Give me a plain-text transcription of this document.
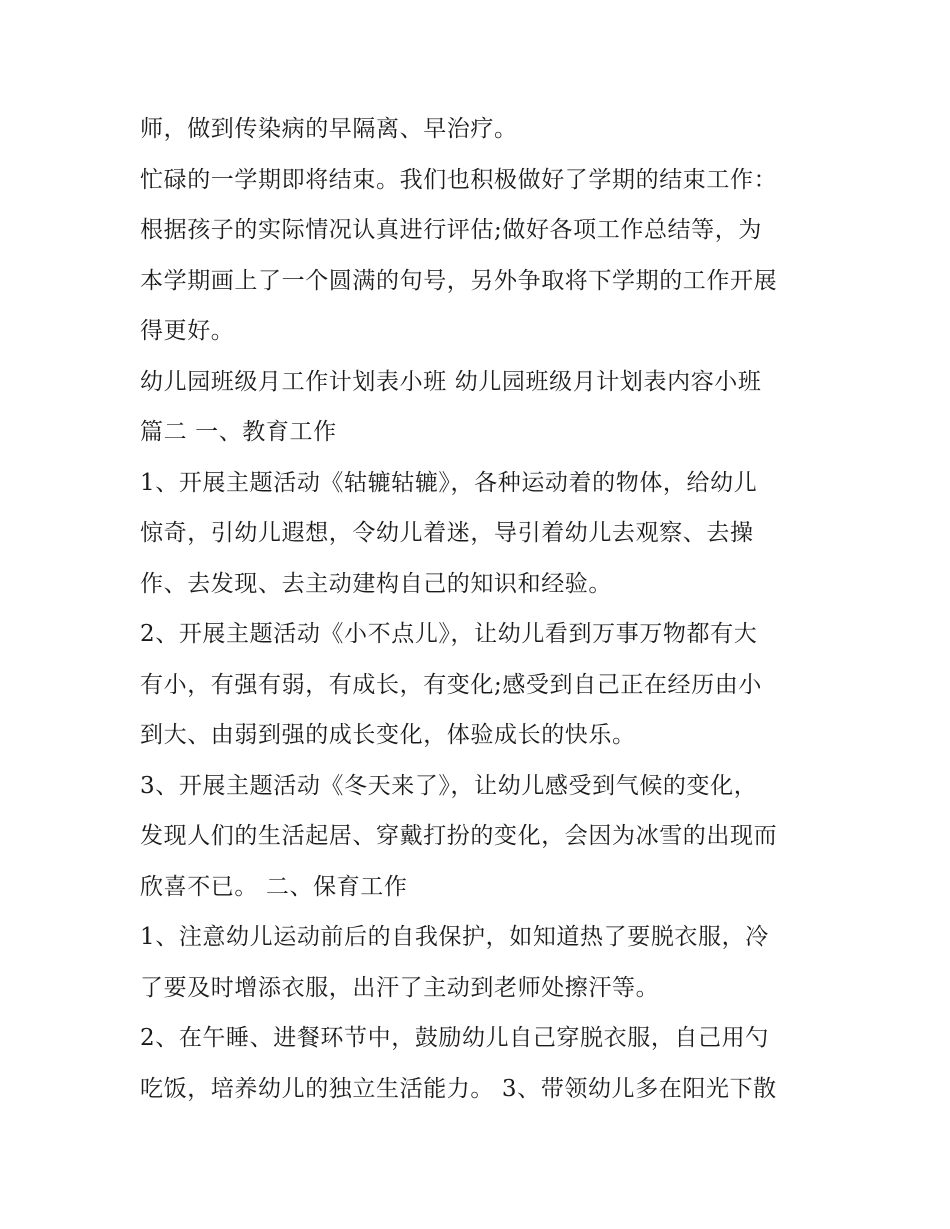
师，做到传染病的早隔离、早治疗。
忙碌的一学期即将结束。我们也积极做好了学期的结束工作：
根据孩子的实际情况认真进行评估;做好各项工作总结等，为
本学期画上了一个圆满的句号，另外争取将下学期的工作开展
得更好。
幼儿园班级月工作计划表小班 幼儿园班级月计划表内容小班
篇二 一、教育工作
1、开展主题活动《轱辘轱辘》，各种运动着的物体，给幼儿
惊奇，引幼儿遐想，令幼儿着迷，导引着幼儿去观察、去操
作、去发现、去主动建构自己的知识和经验。
2、开展主题活动《小不点儿》，让幼儿看到万事万物都有大
有小，有强有弱，有成长，有变化;感受到自己正在经历由小
到大、由弱到强的成长变化，体验成长的快乐。
3、开展主题活动《冬天来了》，让幼儿感受到气候的变化，
发现人们的生活起居、穿戴打扮的变化，会因为冰雪的出现而
欣喜不已。 二、保育工作
1、注意幼儿运动前后的自我保护，如知道热了要脱衣服，冷
了要及时增添衣服，出汗了主动到老师处擦汗等。
2、在午睡、进餐环节中，鼓励幼儿自己穿脱衣服，自己用勺
吃饭，培养幼儿的独立生活能力。 3、带领幼儿多在阳光下散
